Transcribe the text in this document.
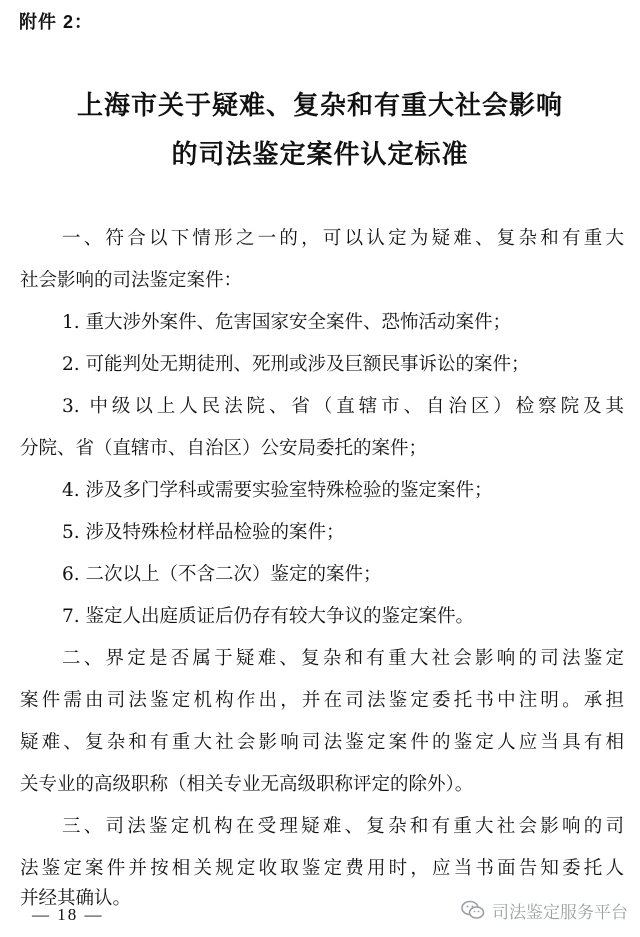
附件 2：
上海市关于疑难、复杂和有重大社会影响
的司法鉴定案件认定标准
一、符合以下情形之一的，可以认定为疑难、复杂和有重大
社会影响的司法鉴定案件：
1. 重大涉外案件、危害国家安全案件、恐怖活动案件；
2. 可能判处无期徒刑、死刑或涉及巨额民事诉讼的案件；
3. 中级以上人民法院、省（直辖市、自治区）检察院及其
分院、省（直辖市、自治区）公安局委托的案件；
4. 涉及多门学科或需要实验室特殊检验的鉴定案件；
5. 涉及特殊检材样品检验的案件；
6. 二次以上（不含二次）鉴定的案件；
7. 鉴定人出庭质证后仍存有较大争议的鉴定案件。
二、界定是否属于疑难、复杂和有重大社会影响的司法鉴定
案件需由司法鉴定机构作出，并在司法鉴定委托书中注明。承担
疑难、复杂和有重大社会影响司法鉴定案件的鉴定人应当具有相
关专业的高级职称（相关专业无高级职称评定的除外）。
三、司法鉴定机构在受理疑难、复杂和有重大社会影响的司
法鉴定案件并按相关规定收取鉴定费用时，应当书面告知委托人
并经其确认。
— 18 —	司法鉴定服务平台
